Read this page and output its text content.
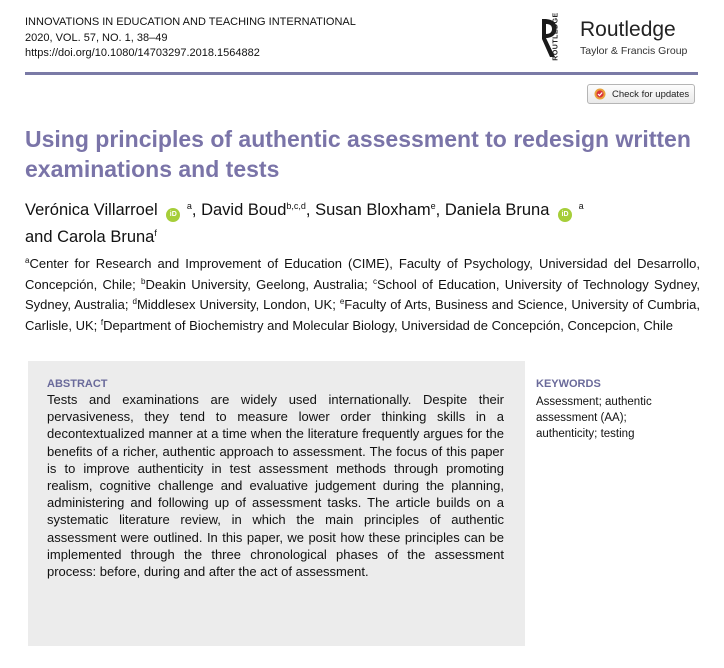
INNOVATIONS IN EDUCATION AND TEACHING INTERNATIONAL
2020, VOL. 57, NO. 1, 38–49
https://doi.org/10.1080/14703297.2018.1564882	ROUTLEDGE Routledge
Taylor & Francis Group
Check for updates
Using principles of authentic assessment to redesign written examinations and tests
Verónica Villarroel iD $^a$, David Boud$^{b,c,d}$, Susan Bloxham$^e$, Daniela Bruna iD $^a$
and Carola Bruna$^f$
$^a$Center for Research and Improvement of Education (CIME), Faculty of Psychology, Universidad del Desarrollo, Concepción, Chile; $^b$Deakin University, Geelong, Australia; $^c$School of Education, University of Technology Sydney, Sydney, Australia; $^d$Middlesex University, London, UK; $^e$Faculty of Arts, Business and Science, University of Cumbria, Carlisle, UK; $^f$Department of Biochemistry and Molecular Biology, Universidad de Concepción, Concepcion, Chile
ABSTRACT
Tests and examinations are widely used internationally. Despite their pervasiveness, they tend to measure lower order thinking skills in a decontextualized manner at a time when the literature frequently argues for the benefits of a richer, authentic approach to assessment. The focus of this paper is to improve authenticity in test assessment methods through promoting realism, cognitive challenge and evaluative judgement during the planning, administering and following up of assessment tasks. The article builds on a systematic literature review, in which the main principles of authentic assessment were outlined. In this paper, we posit how these principles can be implemented through the three chronological phases of the assessment process: before, during and after the act of assessment.
KEYWORDS
Assessment; authentic assessment (AA); authenticity; testing
